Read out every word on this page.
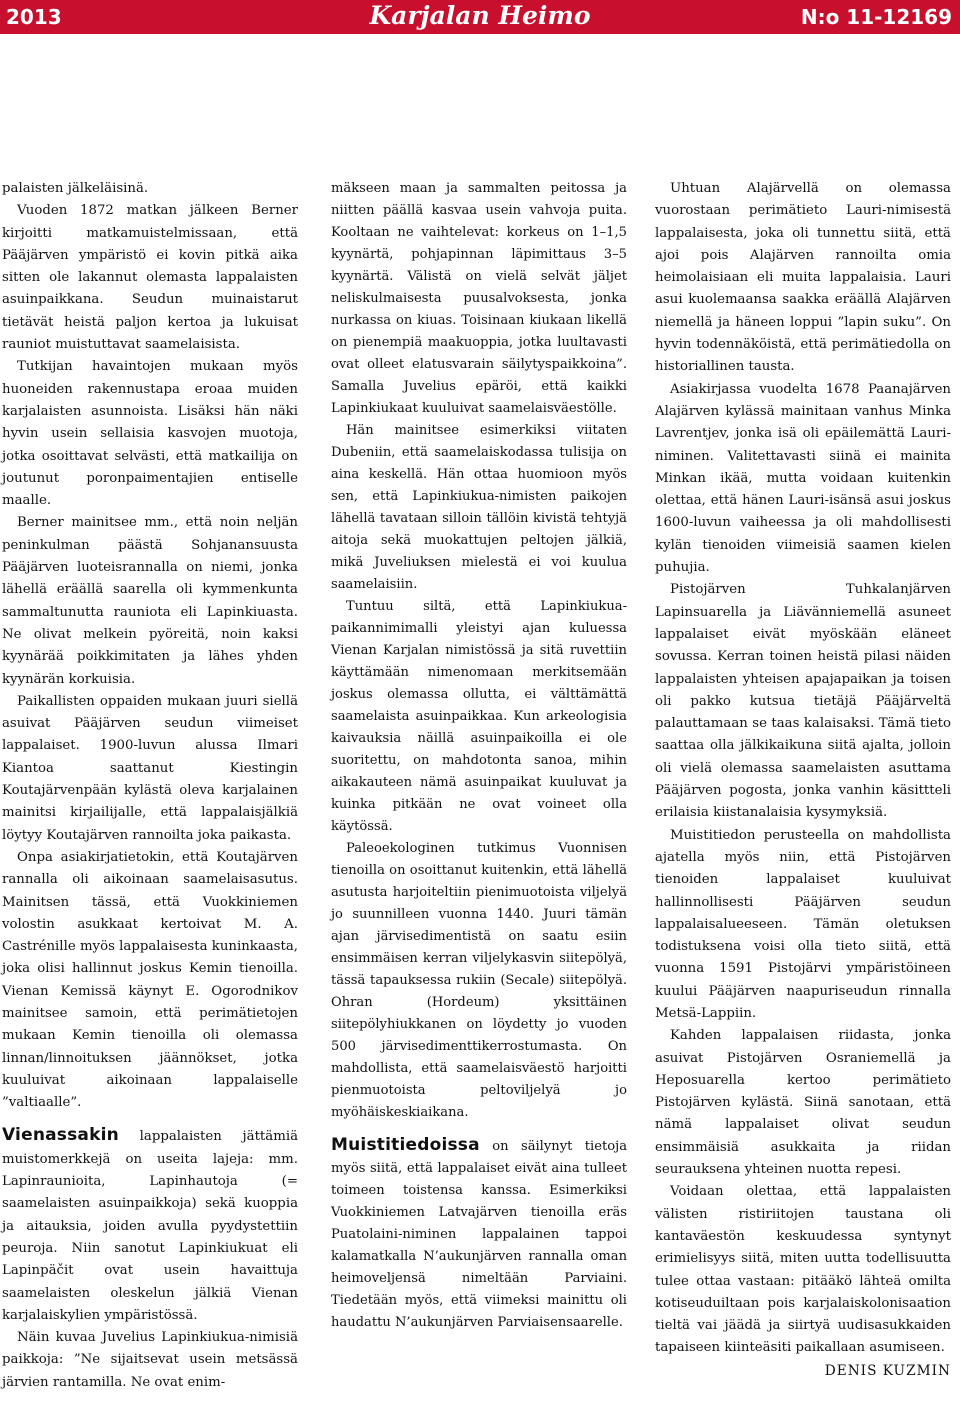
2013	Karjalan Heimo	N:o 11-12169

palaisten jälkeläisinä.

Vuoden 1872 matkan jälkeen Berner kirjoitti matkamuistelmissaan, että Pääjärven ympäristö ei kovin pitkä aika sitten ole lakannut olemasta lappalaisten asuinpaikkana. Seudun muinaistarut tietävät heistä paljon kertoa ja lukuisat rauniot muistuttavat saamelaisista.

Tutkijan havaintojen mukaan myös huoneiden rakennustapa eroaa muiden karjalaisten asunnoista. Lisäksi hän näki hyvin usein sellaisia kasvojen muotoja, jotka osoittavat selvästi, että matkailija on joutunut poronpaimentajien entiselle maalle.

Berner mainitsee mm., että noin neljän peninkulman päästä Sohjanansuusta Pääjärven luoteisrannalla on niemi, jonka lähellä eräällä saarella oli kymmenkunta sammaltunutta rauniota eli Lapinkiuasta. Ne olivat melkein pyöreitä, noin kaksi kyynärää poikkimitaten ja lähes yhden kyynärän korkuisia.

Paikallisten oppaiden mukaan juuri siellä asuivat Pääjärven seudun viimeiset lappalaiset. 1900-luvun alussa Ilmari Kiantoa saattanut Kiestingin Koutajärvenpään kylästä oleva karjalainen mainitsi kirjailijalle, että lappalaisjälkiä löytyy Koutajärven rannoilta joka paikasta.

Onpa asiakirjatietokin, että Koutajärven rannalla oli aikoinaan saamelaisasutus. Mainitsen tässä, että Vuokkiniemen volostin asukkaat kertoivat M. A. Castrénille myös lappalaisesta kuninkaasta, joka olisi hallinnut joskus Kemin tienoilla. Vienan Kemissä käynyt E. Ogorodnikov mainitsee samoin, että perimätietojen mukaan Kemin tienoilla oli olemassa linnan/linnoituksen jäännökset, jotka kuuluivat aikoinaan lappalaiselle ”valtiaalle”.

Vienassakin lappalaisten jättämiä muistomerkkejä on useita lajeja: mm. Lapinraunioita, Lapinhautoja (= saamelaisten asuinpaikkoja) sekä kuoppia ja aitauksia, joiden avulla pyydystettiin peuroja. Niin sanotut Lapinkiukuat eli Lapinpäčit ovat usein havaittuja saamelaisten oleskelun jälkiä Vienan karjalaiskylien ympäristössä.

Näin kuvaa Juvelius Lapinkiukua-nimisiä paikkoja: ”Ne sijaitsevat usein metsässä järvien rantamilla. Ne ovat enim-

mäkseen maan ja sammalten peitossa ja niitten päällä kasvaa usein vahvoja puita. Kooltaan ne vaihtelevat: korkeus on 1–1,5 kyynärtä, pohjapinnan läpimittaus 3–5 kyynärtä. Välistä on vielä selvät jäljet neliskulmaisesta puusalvoksesta, jonka nurkassa on kiuas. Toisinaan kiukaan likellä on pienempiä maakuoppia, jotka luultavasti ovat olleet elatusvarain säilytyspaikkoina”. Samalla Juvelius epäröi, että kaikki Lapinkiukaat kuuluivat saamelaisväestölle.

Hän mainitsee esimerkiksi viitaten Dubeniin, että saamelaiskodassa tulisija on aina keskellä. Hän ottaa huomioon myös sen, että Lapinkiukua-nimisten paikojen lähellä tavataan silloin tällöin kivistä tehtyjä aitoja sekä muokattujen peltojen jälkiä, mikä Juveliuksen mielestä ei voi kuulua saamelaisiin.

Tuntuu siltä, että Lapinkiukua-paikannimimalli yleistyi ajan kuluessa Vienan Karjalan nimistössä ja sitä ruvettiin käyttämään nimenomaan merkitsemään joskus olemassa ollutta, ei välttämättä saamelaista asuinpaikkaa. Kun arkeologisia kaivauksia näillä asuinpaikoilla ei ole suoritettu, on mahdotonta sanoa, mihin aikakauteen nämä asuinpaikat kuuluvat ja kuinka pitkään ne ovat voineet olla käytössä.

Paleoekologinen tutkimus Vuonnisen tienoilla on osoittanut kuitenkin, että lähellä asutusta harjoiteltiin pienimuotoista viljelyä jo suunnilleen vuonna 1440. Juuri tämän ajan järvisedimentistä on saatu esiin ensimmäisen kerran viljelykasvin siitepölyä, tässä tapauksessa rukiin (Secale) siitepölyä. Ohran (Hordeum) yksittäinen siitepölyhiukkanen on löydetty jo vuoden 500 järvisedimenttikerrostumasta. On mahdollista, että saamelaisväestö harjoitti pienmuotoista peltoviljelyä jo myöhäiskeskiaikana.

Muistitiedoissa on säilynyt tietoja myös siitä, että lappalaiset eivät aina tulleet toimeen toistensa kanssa. Esimerkiksi Vuokkiniemen Latvajärven tienoilla eräs Puatolaini-niminen lappalainen tappoi kalamatkalla N’aukunjärven rannalla oman heimoveljensä nimeltään Parviaini. Tiedetään myös, että viimeksi mainittu oli haudattu N’aukunjärven Parviaisensaarelle.

Uhtuan Alajärvellä on olemassa vuorostaan perimätieto Lauri-nimisestä lappalaisesta, joka oli tunnettu siitä, että ajoi pois Alajärven rannoilta omia heimolaisiaan eli muita lappalaisia. Lauri asui kuolemaansa saakka eräällä Alajärven niemellä ja häneen loppui ”lapin suku”. On hyvin todennäköistä, että perimätiedolla on historiallinen tausta.

Asiakirjassa vuodelta 1678 Paanajärven Alajärven kylässä mainitaan vanhus Minka Lavrentjev, jonka isä oli epäilemättä Lauri-niminen. Valitettavasti siinä ei mainita Minkan ikää, mutta voidaan kuitenkin olettaa, että hänen Lauri-isänsä asui joskus 1600-luvun vaiheessa ja oli mahdollisesti kylän tienoiden viimeisiä saamen kielen puhujia.

Pistojärven Tuhkalanjärven Lapinsuarella ja Liävänniemellä asuneet lappalaiset eivät myöskään eläneet sovussa. Kerran toinen heistä pilasi näiden lappalaisten yhteisen apajapaikan ja toisen oli pakko kutsua tietäjä Pääjärveltä palauttamaan se taas kalaisaksi. Tämä tieto saattaa olla jälkikaikuna siitä ajalta, jolloin oli vielä olemassa saamelaisten asuttama Pääjärven pogosta, jonka vanhin käsittteli erilaisia kiistanalaisia kysymyksiä.

Muistitiedon perusteella on mahdollista ajatella myös niin, että Pistojärven tienoiden lappalaiset kuuluivat hallinnollisesti Pääjärven seudun lappalaisalueeseen. Tämän oletuksen todistuksena voisi olla tieto siitä, että vuonna 1591 Pistojärvi ympäristöineen kuului Pääjärven naapuriseudun rinnalla Metsä-Lappiin.

Kahden lappalaisen riidasta, jonka asuivat Pistojärven Osraniemellä ja Heposuarella kertoo perimätieto Pistojärven kylästä. Siinä sanotaan, että nämä lappalaiset olivat seudun ensimmäisiä asukkaita ja riidan seurauksena yhteinen nuotta repesi.

Voidaan olettaa, että lappalaisten välisten ristiriitojen taustana oli kantaväestön keskuudessa syntynyt erimielisyys siitä, miten uutta todellisuutta tulee ottaa vastaan: pitääkö lähteä omilta kotiseuduiltaan pois karjalaiskolonisaation tieltä vai jäädä ja siirtyä uudisasukkaiden tapaiseen kiinteäsiti paikallaan asumiseen.

DENIS KUZMIN
